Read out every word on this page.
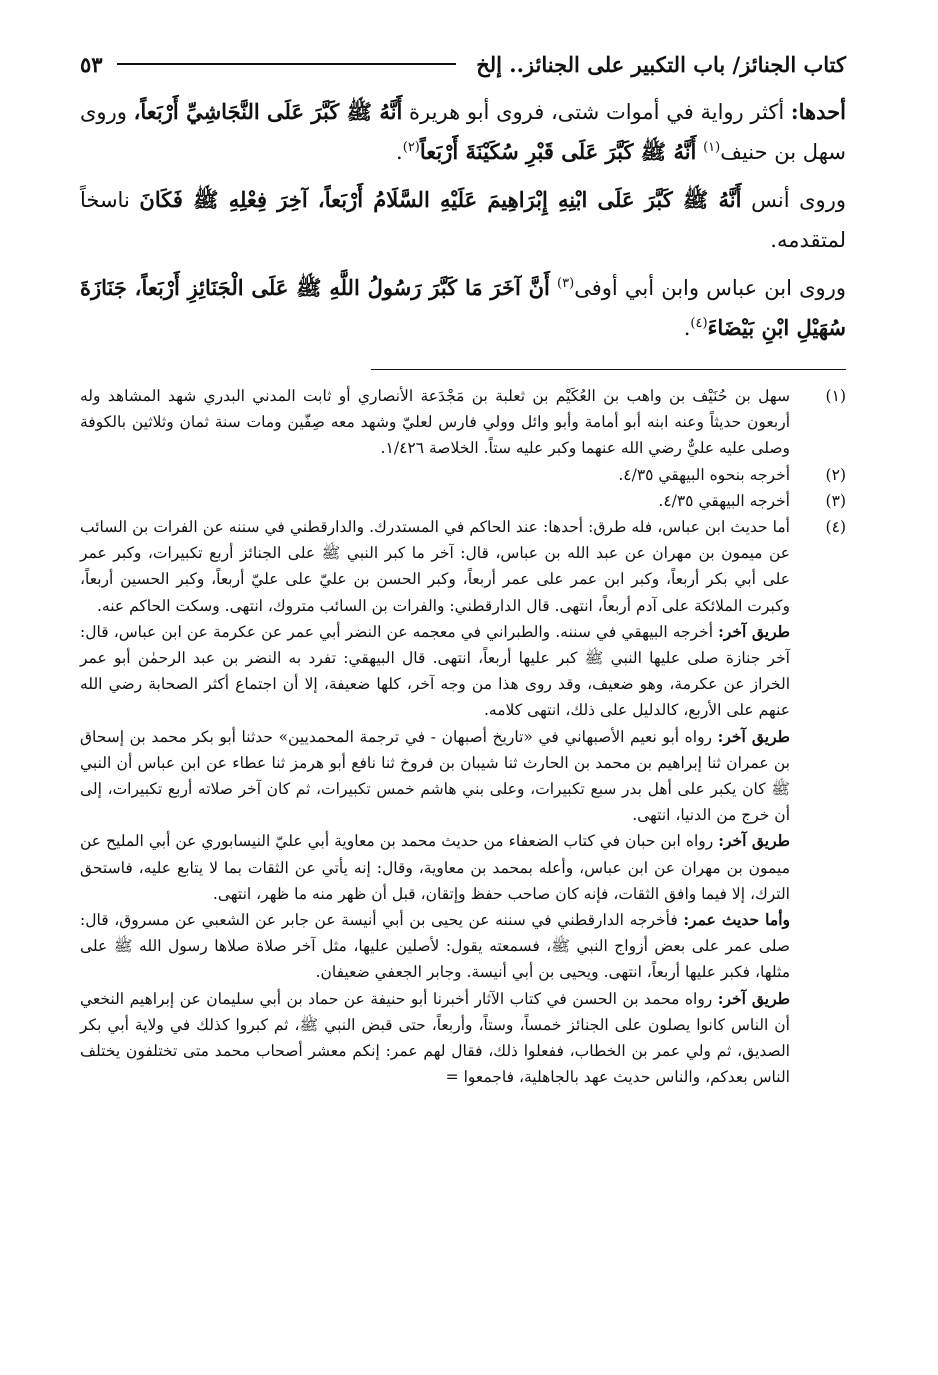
كتاب الجنائز/ باب التكبير على الجنائز.. إلخ
٥٣

أحدها: أكثر رواية في أموات شتى، فروى أبو هريرة أَنَّهُ ﷺ كَبَّرَ عَلَى النَّجَاشِيِّ أَرْبَعاً، وروى سهل بن حنيف$^{(١)}$ أَنَّهُ ﷺ كَبَّرَ عَلَى قَبْرِ سُكَيْنَةَ أَرْبَعاً$^{(٢)}$.

وروى أنس أَنَّهُ ﷺ كَبَّرَ عَلَى ابْنِهِ إِبْرَاهِيمَ عَلَيْهِ السَّلَامُ أَرْبَعاً، آخِرَ فِعْلِهِ ﷺ فَكَانَ ناسخاً لمتقدمه.

وروى ابن عباس وابن أبي أوفى$^{(٣)}$ أَنَّ آخَرَ مَا كَبَّرَ رَسُولُ اللَّهِ ﷺ عَلَى الْجَنَائِزِ أَرْبَعاً، جَنَازَةَ سُهَيْلِ ابْنِ بَيْضَاءَ$^{(٤)}$.

(١)
سهل بن حُنَيْف بن واهب بن العُكَيْم بن ثعلبة بن مَجْدَعة الأنصاري أو ثابت المدني البدري شهد المشاهد وله أربعون حديثاً وعنه ابنه أبو أمامة وأبو وائل وولي فارس لعليّ وشهد معه صِفّين ومات سنة ثمان وثلاثين بالكوفة وصلى عليه عليٌّ رضي الله عنهما وكبر عليه ستاً. الخلاصة ١/٤٢٦.
(٢)
أخرجه بنحوه البيهقي ٤/٣٥.
(٣)
أخرجه البيهقي ٤/٣٥.
(٤)
أما حديث ابن عباس، فله طرق: أحدها: عند الحاكم في المستدرك. والدارقطني في سننه عن الفرات بن السائب عن ميمون بن مهران عن عبد الله بن عباس، قال: آخر ما كبر النبي ﷺ على الجنائز أربع تكبيرات، وكبر عمر على أبي بكر أربعاً، وكبر ابن عمر على عمر أربعاً، وكبر الحسن بن عليّ على عليّ أربعاً، وكبر الحسين أربعاً، وكبرت الملائكة على آدم أربعاً، انتهى. قال الدارقطني: والفرات بن السائب متروك، انتهى. وسكت الحاكم عنه.
طريق آخر: أخرجه البيهقي في سننه. والطبراني في معجمه عن النضر أبي عمر عن عكرمة عن ابن عباس، قال: آخر جنازة صلى عليها النبي ﷺ كبر عليها أربعاً، انتهى. قال البيهقي: تفرد به النضر بن عبد الرحمٰن أبو عمر الخراز عن عكرمة، وهو ضعيف، وقد روى هذا من وجه آخر، كلها ضعيفة، إلا أن اجتماع أكثر الصحابة رضي الله عنهم على الأربع، كالدليل على ذلك، انتهى كلامه.
طريق آخر: رواه أبو نعيم الأصبهاني في «تاريخ أصبهان - في ترجمة المحمديين» حدثنا أبو بكر محمد بن إسحاق بن عمران ثنا إبراهيم بن محمد بن الحارث ثنا شيبان بن فروخ ثنا نافع أبو هرمز ثنا عطاء عن ابن عباس أن النبي ﷺ كان يكبر على أهل بدر سبع تكبيرات، وعلى بني هاشم خمس تكبيرات، ثم كان آخر صلاته أربع تكبيرات، إلى أن خرج من الدنيا، انتهى.
طريق آخر: رواه ابن حبان في كتاب الضعفاء من حديث محمد بن معاوية أبي عليّ النيسابوري عن أبي المليح عن ميمون بن مهران عن ابن عباس، وأعله بمحمد بن معاوية، وقال: إنه يأتي عن الثقات بما لا يتابع عليه، فاستحق الترك، إلا فيما وافق الثقات، فإنه كان صاحب حفظ وإتقان، قبل أن ظهر منه ما ظهر، انتهى.
وأما حديث عمر: فأخرجه الدارقطني في سننه عن يحيى بن أبي أنيسة عن جابر عن الشعبي عن مسروق، قال: صلى عمر على بعض أزواج النبي ﷺ، فسمعته يقول: لأصلين عليها، مثل آخر صلاة صلاها رسول الله ﷺ على مثلها، فكبر عليها أربعاً، انتهى. ويحيى بن أبي أنيسة. وجابر الجعفي ضعيفان.
طريق آخر: رواه محمد بن الحسن في كتاب الآثار أخبرنا أبو حنيفة عن حماد بن أبي سليمان عن إبراهيم النخعي أن الناس كانوا يصلون على الجنائز خمساً، وستاً، وأربعاً، حتى قبض النبي ﷺ، ثم كبروا كذلك في ولاية أبي بكر الصديق، ثم ولي عمر بن الخطاب، ففعلوا ذلك، فقال لهم عمر: إنكم معشر أصحاب محمد متى تختلفون يختلف الناس بعدكم، والناس حديث عهد بالجاهلية، فاجمعوا =
